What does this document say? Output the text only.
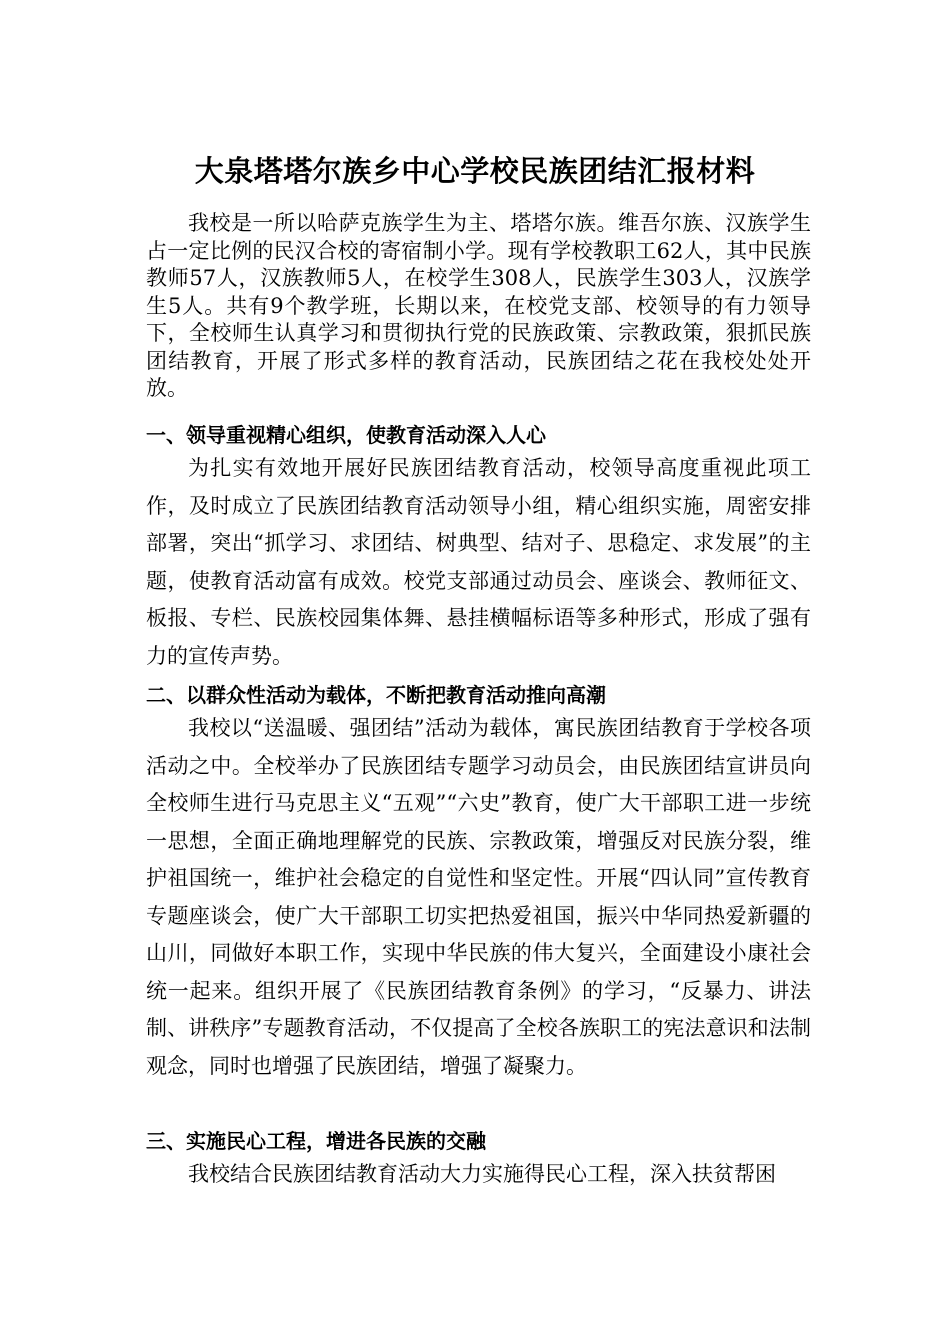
大泉塔塔尔族乡中心学校民族团结汇报材料

我校是一所以哈萨克族学生为主、塔塔尔族。维吾尔族、汉族学生占一定比例的民汉合校的寄宿制小学。现有学校教职工62人，其中民族教师57人，汉族教师5人，在校学生308人，民族学生303人，汉族学生5人。共有9个教学班，长期以来，在校党支部、校领导的有力领导下，全校师生认真学习和贯彻执行党的民族政策、宗教政策，狠抓民族团结教育，开展了形式多样的教育活动，民族团结之花在我校处处开放。

一、领导重视精心组织，使教育活动深入人心

为扎实有效地开展好民族团结教育活动，校领导高度重视此项工作，及时成立了民族团结教育活动领导小组，精心组织实施，周密安排部署，突出“抓学习、求团结、树典型、结对子、思稳定、求发展”的主题，使教育活动富有成效。校党支部通过动员会、座谈会、教师征文、板报、专栏、民族校园集体舞、悬挂横幅标语等多种形式，形成了强有力的宣传声势。

二、以群众性活动为载体，不断把教育活动推向高潮

我校以“送温暖、强团结”活动为载体，寓民族团结教育于学校各项活动之中。全校举办了民族团结专题学习动员会，由民族团结宣讲员向全校师生进行马克思主义“五观”“六史”教育，使广大干部职工进一步统一思想，全面正确地理解党的民族、宗教政策，增强反对民族分裂，维护祖国统一，维护社会稳定的自觉性和坚定性。开展“四认同”宣传教育专题座谈会，使广大干部职工切实把热爱祖国，振兴中华同热爱新疆的山川，同做好本职工作，实现中华民族的伟大复兴，全面建设小康社会统一起来。组织开展了《民族团结教育条例》的学习，“反暴力、讲法制、讲秩序”专题教育活动，不仅提高了全校各族职工的宪法意识和法制观念，同时也增强了民族团结，增强了凝聚力。

三、实施民心工程，增进各民族的交融

我校结合民族团结教育活动大力实施得民心工程，深入扶贫帮困
